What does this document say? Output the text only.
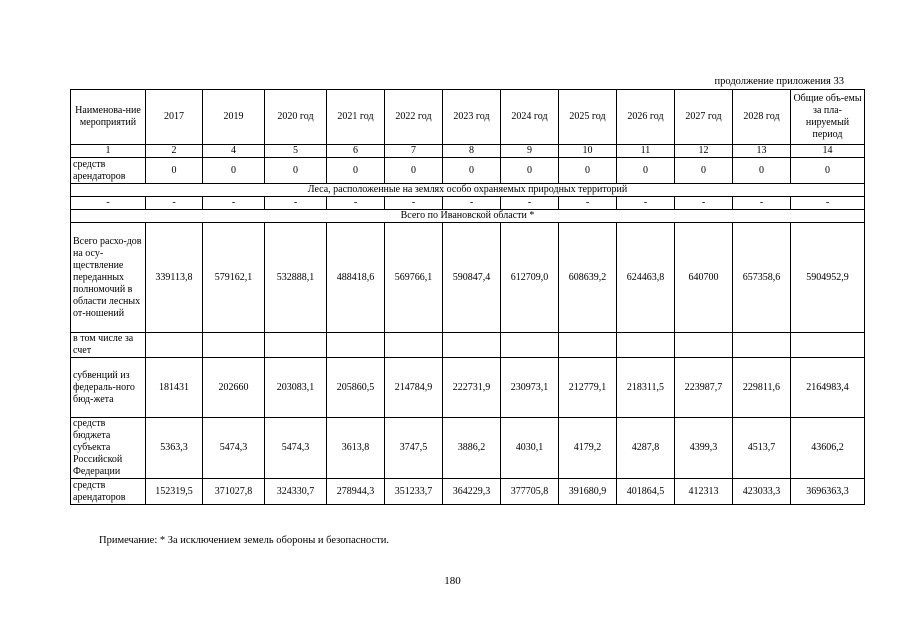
продолжение приложения 33
Наименова-ние мероприятий	2017	2019	2020 год	2021 год	2022 год	2023 год	2024 год	2025 год	2026 год	2027 год	2028 год	Общие объ-емы за пла-нируемый период
1	2	4	5	6	7	8	9	10	11	12	13	14
средств арендаторов	0	0	0	0	0	0	0	0	0	0	0	0
Леса, расположенные на землях особо охраняемых природных территорий												
-	-	-	-	-	-	-	-	-	-	-	-	-
Всего по Ивановской области *												
Всего расхо-дов на осу-ществление переданных полномочий в области лесных от-ношений	339113,8	579162,1	532888,1	488418,6	569766,1	590847,4	612709,0	608639,2	624463,8	640700	657358,6	5904952,9
в том числе за счет												
субвенций из федераль-ного бюд-жета	181431	202660	203083,1	205860,5	214784,9	222731,9	230973,1	212779,1	218311,5	223987,7	229811,6	2164983,4
средств бюджета субъекта Российской Федерации	5363,3	5474,3	5474,3	3613,8	3747,5	3886,2	4030,1	4179,2	4287,8	4399,3	4513,7	43606,2
средств арендаторов	152319,5	371027,8	324330,7	278944,3	351233,7	364229,3	377705,8	391680,9	401864,5	412313	423033,3	3696363,3
Примечание: * За исключением земель обороны и безопасности.
180
